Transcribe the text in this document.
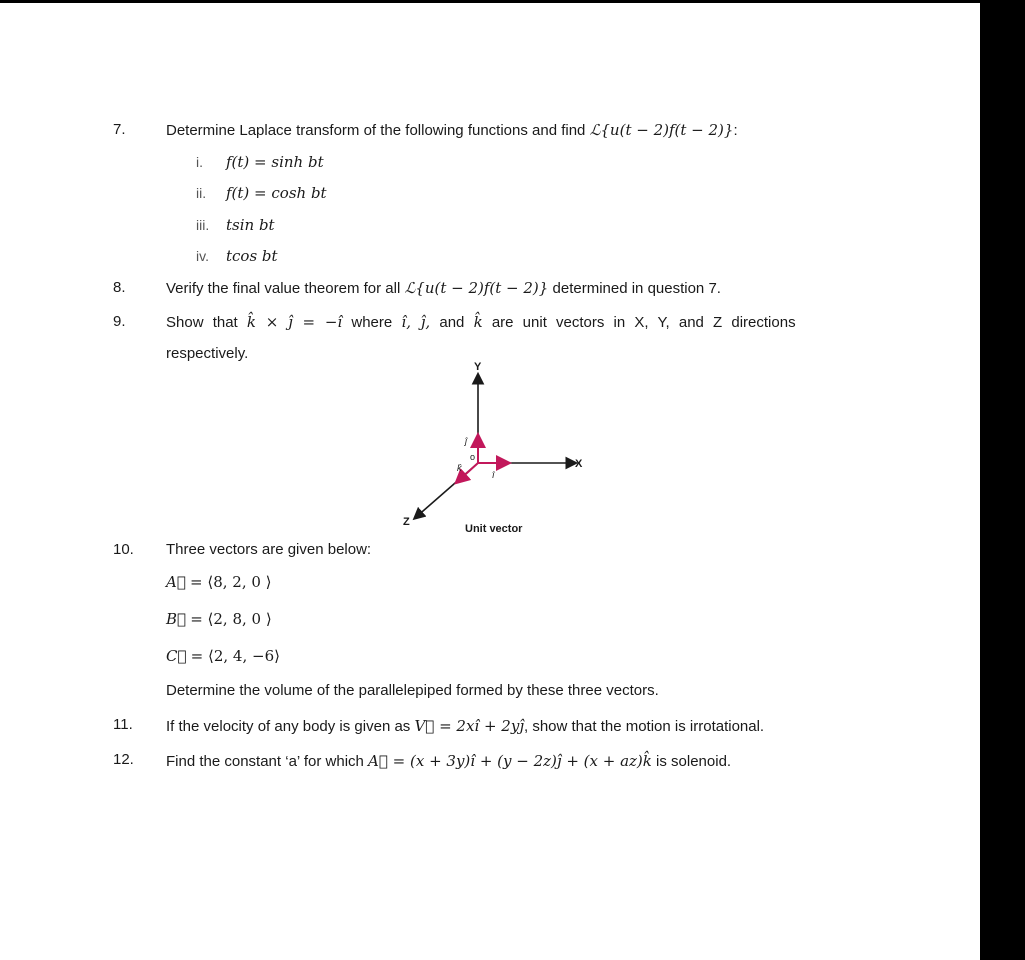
7.	Determine Laplace transform of the following functions and find ℒ{u(t − 2)f(t − 2)}:
i. f(t) = sinh bt
ii. f(t) = cosh bt
iii. tsin bt
iv. tcos bt
8.	Verify the final value theorem for all ℒ{u(t − 2)f(t − 2)} determined in question 7.
9.	Show that k̂ × ĵ = −î where î, ĵ, and k̂ are unit vectors in X, Y, and Z directions
respectively.
Y
X
Z
o
ĵ
î
k̂
Unit vector
10. Three vectors are given below:
A⃗ = ⟨8, 2, 0 ⟩
B⃗ = ⟨2, 8, 0 ⟩
C⃗ = ⟨2, 4, −6⟩
Determine the volume of the parallelepiped formed by these three vectors.
11. If the velocity of any body is given as V⃗ = 2xî + 2yĵ, show that the motion is irrotational.
12. Find the constant ‘a’ for which A⃗ = (x + 3y)î + (y − 2z)ĵ + (x + az)k̂ is solenoid.
